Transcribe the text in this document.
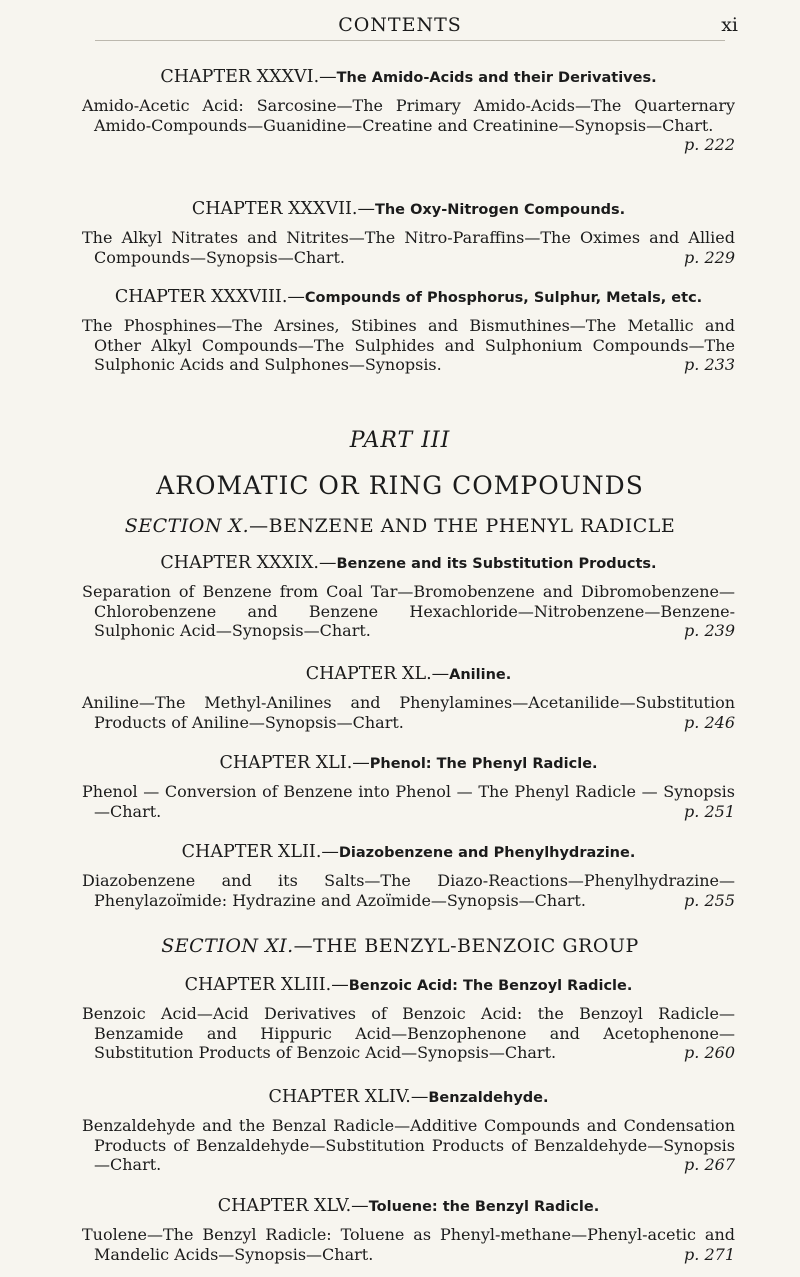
CONTENTS	xi
CHAPTER XXXVI.—The Amido-Acids and their Derivatives.
Amido-Acetic Acid: Sarcosine—The Primary Amido-Acids—The Quarternary Amido-Compounds—Guanidine—Creatine and Creatinine—Synopsis—Chart.
p. 222
CHAPTER XXXVII.—The Oxy-Nitrogen Compounds.
The Alkyl Nitrates and Nitrites—The Nitro-Paraffins—The Oximes and Allied Compounds—Synopsis—Chart.	p. 229
CHAPTER XXXVIII.—Compounds of Phosphorus, Sulphur, Metals, etc.
The Phosphines—The Arsines, Stibines and Bismuthines—The Metallic and Other Alkyl Compounds—The Sulphides and Sulphonium Compounds—The Sulphonic Acids and Sulphones—Synopsis.	p. 233
PART III
AROMATIC OR RING COMPOUNDS
SECTION X.—BENZENE AND THE PHENYL RADICLE
CHAPTER XXXIX.—Benzene and its Substitution Products.
Separation of Benzene from Coal Tar—Bromobenzene and Dibromobenzene—Chlorobenzene and Benzene Hexachloride—Nitrobenzene—Benzene-Sulphonic Acid—Synopsis—Chart.	p. 239
CHAPTER XL.—Aniline.
Aniline—The Methyl-Anilines and Phenylamines—Acetanilide—Substitution Products of Aniline—Synopsis—Chart.	p. 246
CHAPTER XLI.—Phenol: The Phenyl Radicle.
Phenol — Conversion of Benzene into Phenol — The Phenyl Radicle — Synopsis—Chart.	p. 251
CHAPTER XLII.—Diazobenzene and Phenylhydrazine.
Diazobenzene and its Salts—The Diazo-Reactions—Phenylhydrazine—Phenylazoïmide: Hydrazine and Azoïmide—Synopsis—Chart.	p. 255
SECTION XI.—THE BENZYL-BENZOIC GROUP
CHAPTER XLIII.—Benzoic Acid: The Benzoyl Radicle.
Benzoic Acid—Acid Derivatives of Benzoic Acid: the Benzoyl Radicle—Benzamide and Hippuric Acid—Benzophenone and Acetophenone—Substitution Products of Benzoic Acid—Synopsis—Chart.	p. 260
CHAPTER XLIV.—Benzaldehyde.
Benzaldehyde and the Benzal Radicle—Additive Compounds and Condensation Products of Benzaldehyde—Substitution Products of Benzaldehyde—Synopsis—Chart.	p. 267
CHAPTER XLV.—Toluene: the Benzyl Radicle.
Tuolene—The Benzyl Radicle: Toluene as Phenyl-methane—Phenyl-acetic and Mandelic Acids—Synopsis—Chart.	p. 271
